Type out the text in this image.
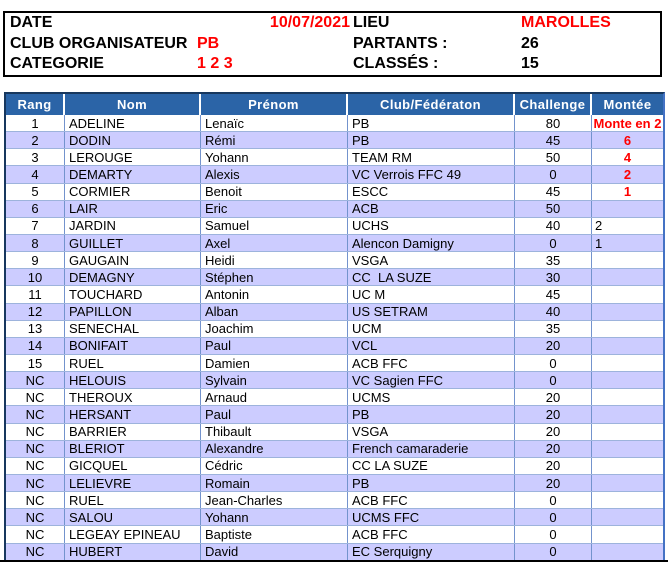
DATE	10/07/2021 LIEU	MAROLLES
CLUB ORGANISATEUR PB	PARTANTS :	26
CATEGORIE	1 2 3	CLASSÉS :	15
Rang	Nom	Prénom	Club/Fédératon	Challenge	Montée
1	ADELINE	Lenaïc	PB	80	Monte en 2
2	DODIN	Rémi	PB	45	6
3	LEROUGE	Yohann	TEAM RM	50	4
4	DEMARTY	Alexis	VC Verrois FFC 49	0	2
5	CORMIER	Benoit	ESCC	45	1
6	LAIR	Eric	ACB	50
7	JARDIN	Samuel	UCHS	40	2
8	GUILLET	Axel	Alencon Damigny	0	1
9	GAUGAIN	Heidi	VSGA	35
10	DEMAGNY	Stéphen	CC  LA SUZE	30
11	TOUCHARD	Antonin	UC M	45
12	PAPILLON	Alban	US SETRAM	40
13	SENECHAL	Joachim	UCM	35
14	BONIFAIT	Paul	VCL	20
15	RUEL	Damien	ACB FFC	0
NC	HELOUIS	Sylvain	VC Sagien FFC	0
NC	THEROUX	Arnaud	UCMS	20
NC	HERSANT	Paul	PB	20
NC	BARRIER	Thibault	VSGA	20
NC	BLERIOT	Alexandre	French camaraderie	20
NC	GICQUEL	Cédric	CC LA SUZE	20
NC	LELIEVRE	Romain	PB	20
NC	RUEL	Jean-Charles	ACB FFC	0
NC	SALOU	Yohann	UCMS FFC	0
NC	LEGEAY EPINEAU	Baptiste	ACB FFC	0
NC	HUBERT	David	EC Serquigny	0
